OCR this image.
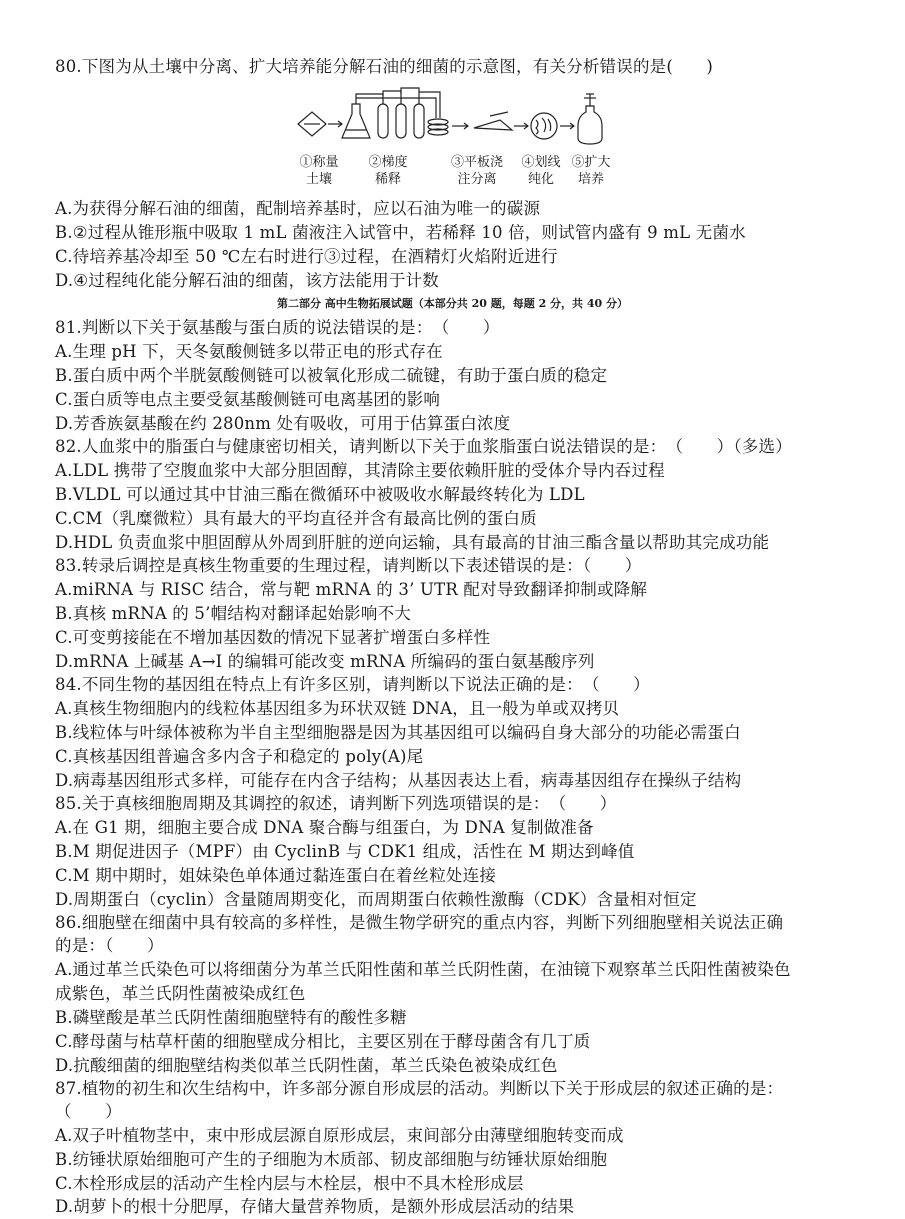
80.下图为从土壤中分离、扩大培养能分解石油的细菌的示意图，有关分析错误的是(　　)
①称量
土壤
②梯度
稀释
③平板浇
注分离
④划线
纯化
⑤扩大
培养
A.为获得分解石油的细菌，配制培养基时，应以石油为唯一的碳源
B.②过程从锥形瓶中吸取 1 mL 菌液注入试管中，若稀释 10 倍，则试管内盛有 9 mL 无菌水
C.待培养基冷却至 50 ℃左右时进行③过程，在酒精灯火焰附近进行
D.④过程纯化能分解石油的细菌，该方法能用于计数
第二部分 高中生物拓展试题（本部分共 20 题，每题 2 分，共 40 分）
81.判断以下关于氨基酸与蛋白质的说法错误的是：　（　　）
A.生理 pH 下，天冬氨酸侧链多以带正电的形式存在
B.蛋白质中两个半胱氨酸侧链可以被氧化形成二硫键，有助于蛋白质的稳定
C.蛋白质等电点主要受氨基酸侧链可电离基团的影响
D.芳香族氨基酸在约 280nm 处有吸收，可用于估算蛋白浓度
82.人血浆中的脂蛋白与健康密切相关，请判断以下关于血浆脂蛋白说法错误的是：　（　　）（多选）
A.LDL 携带了空腹血浆中大部分胆固醇，其清除主要依赖肝脏的受体介导内吞过程
B.VLDL 可以通过其中甘油三酯在微循环中被吸收水解最终转化为 LDL
C.CM（乳糜微粒）具有最大的平均直径并含有最高比例的蛋白质
D.HDL 负责血浆中胆固醇从外周到肝脏的逆向运输，具有最高的甘油三酯含量以帮助其完成功能
83.转录后调控是真核生物重要的生理过程，请判断以下表述错误的是：（　　）
A.miRNA 与 RISC 结合，常与靶 mRNA 的 3’ UTR 配对导致翻译抑制或降解
B.真核 mRNA 的 5’帽结构对翻译起始影响不大
C.可变剪接能在不增加基因数的情况下显著扩增蛋白多样性
D.mRNA 上碱基 A→I 的编辑可能改变 mRNA 所编码的蛋白氨基酸序列
84.不同生物的基因组在特点上有许多区别，请判断以下说法正确的是：　（　　）
A.真核生物细胞内的线粒体基因组多为环状双链 DNA，且一般为单或双拷贝
B.线粒体与叶绿体被称为半自主型细胞器是因为其基因组可以编码自身大部分的功能必需蛋白
C.真核基因组普遍含多内含子和稳定的 poly(A)尾
D.病毒基因组形式多样，可能存在内含子结构；从基因表达上看，病毒基因组存在操纵子结构
85.关于真核细胞周期及其调控的叙述，请判断下列选项错误的是：　（　　）
A.在 G1 期，细胞主要合成 DNA 聚合酶与组蛋白，为 DNA 复制做准备
B.M 期促进因子（MPF）由 CyclinB 与 CDK1 组成，活性在 M 期达到峰值
C.M 期中期时，姐妹染色单体通过黏连蛋白在着丝粒处连接
D.周期蛋白（cyclin）含量随周期变化，而周期蛋白依赖性激酶（CDK）含量相对恒定
86.细胞壁在细菌中具有较高的多样性，是微生物学研究的重点内容，判断下列细胞壁相关说法正确
的是：（　　）
A.通过革兰氏染色可以将细菌分为革兰氏阳性菌和革兰氏阴性菌，在油镜下观察革兰氏阳性菌被染色
成紫色，革兰氏阴性菌被染成红色
B.磷壁酸是革兰氏阴性菌细胞壁特有的酸性多糖
C.酵母菌与枯草杆菌的细胞壁成分相比，主要区别在于酵母菌含有几丁质
D.抗酸细菌的细胞壁结构类似革兰氏阴性菌，革兰氏染色被染成红色
87.植物的初生和次生结构中，许多部分源自形成层的活动。判断以下关于形成层的叙述正确的是：
（　　）
A.双子叶植物茎中，束中形成层源自原形成层，束间部分由薄壁细胞转变而成
B.纺锤状原始细胞可产生的子细胞为木质部、韧皮部细胞与纺锤状原始细胞
C.木栓形成层的活动产生栓内层与木栓层，根中不具木栓形成层
D.胡萝卜的根十分肥厚，存储大量营养物质，是额外形成层活动的结果
